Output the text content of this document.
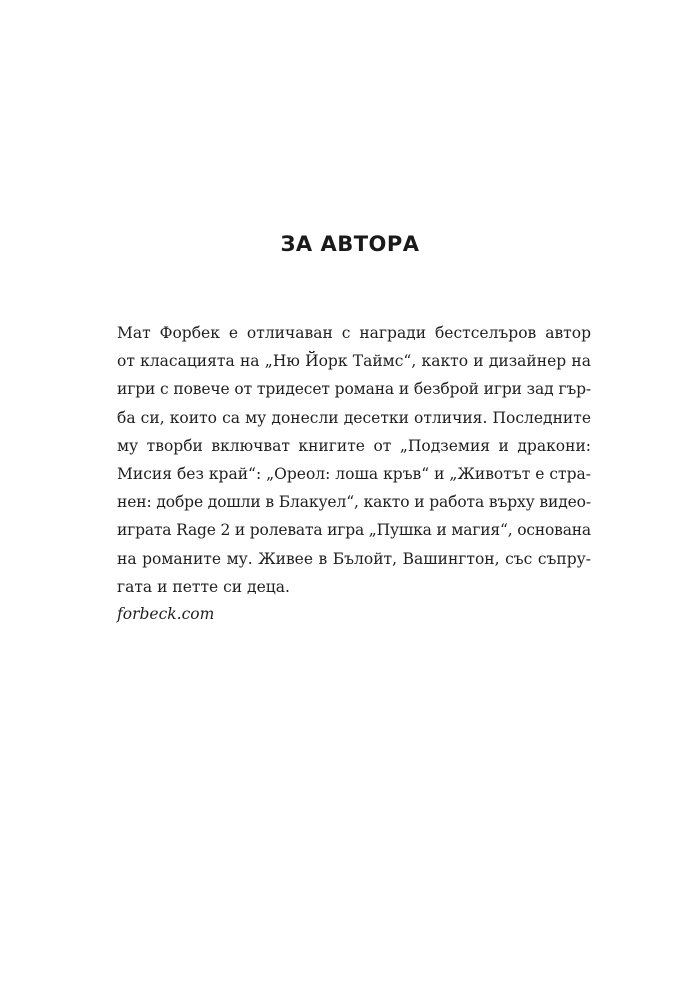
ЗА АВТОРА
Мат Форбек е отличаван с награди бестселъров автор
от класацията на „Ню Йорк Таймс“, както и дизайнер на
игри с повече от тридесет романа и безброй игри зад гър-
ба си, които са му донесли десетки отличия. Последните
му творби включват книгите от „Подземия и дракони:
Мисия без край“: „Ореол: лоша кръв“ и „Животът е стра-
нен: добре дошли в Блакуел“, както и работа върху видео-
играта Rage 2 и ролевата игра „Пушка и магия“, основана
на романите му. Живее в Бълойт, Вашингтон, със съпру-
гата и петте си деца.
forbeck.com
